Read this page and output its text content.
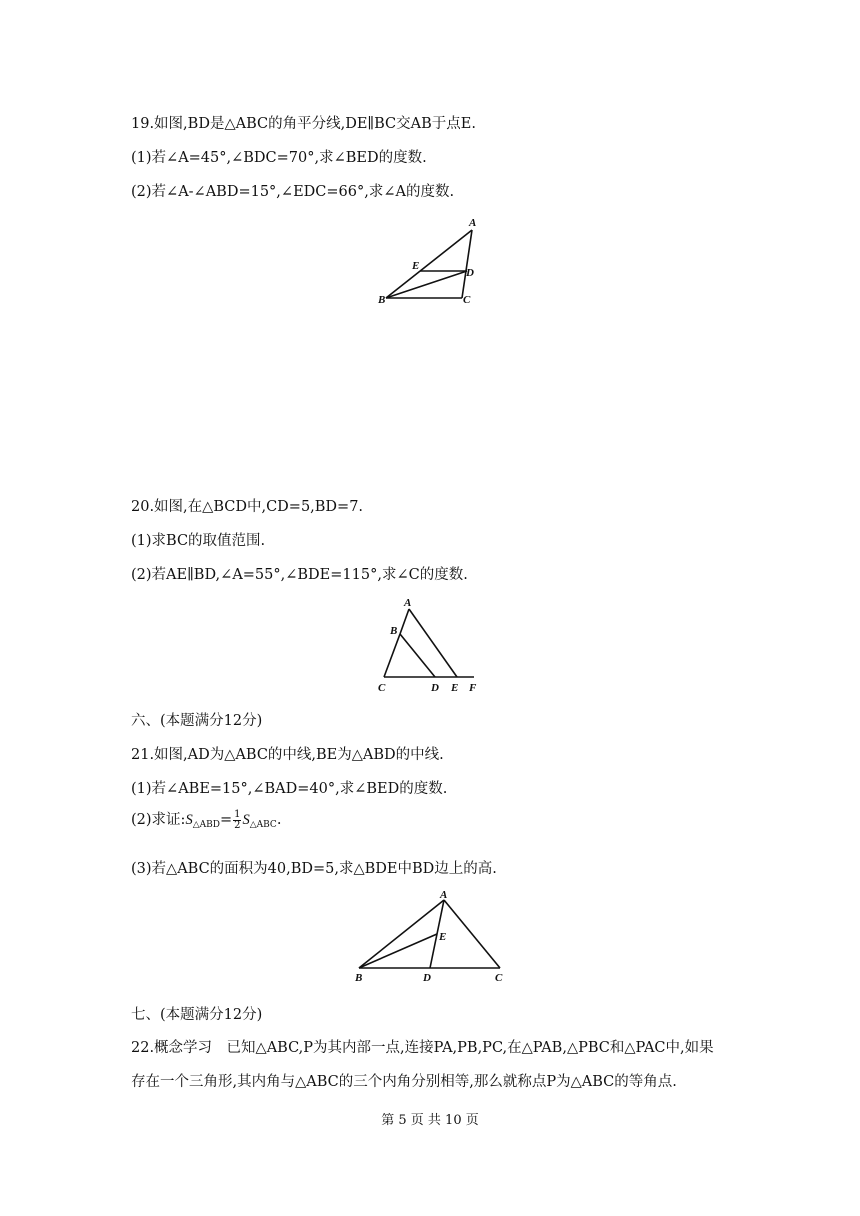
19.如图,BD是△ABC的角平分线,DE∥BC交AB于点E.
(1)若∠A=45°,∠BDC=70°,求∠BED的度数.
(2)若∠A-∠ABD=15°,∠EDC=66°,求∠A的度数.
A
E
D
B	C
20.如图,在△BCD中,CD=5,BD=7.
(1)求BC的取值范围.
(2)若AE∥BD,∠A=55°,∠BDE=115°,求∠C的度数.
A
B
C	D E F
六、(本题满分12分)
21.如图,AD为△ABC的中线,BE为△ABD的中线.
(1)若∠ABE=15°,∠BAD=40°,求∠BED的度数.
(2)求证$:S_{\triangle ABD}= \frac{1}{2} S_{\triangle ABC}$.
(3)若△ABC的面积为40,BD=5,求△BDE中BD边上的高.
A
E
B	D	C
七、(本题满分12分)
22.概念学习　已知△ABC,P为其内部一点,连接PA,PB,PC,在△PAB,△PBC和△PAC中,如果
存在一个三角形,其内角与△ABC的三个内角分别相等,那么就称点P为△ABC的等角点.
第 5 页 共 10 页
